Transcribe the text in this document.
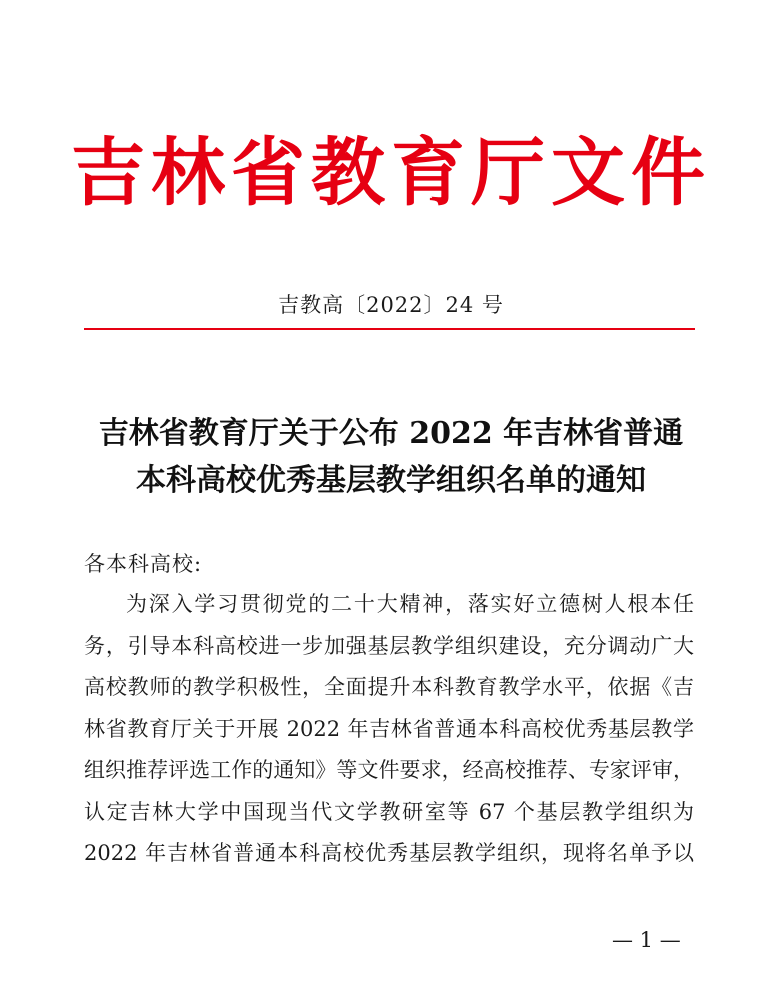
吉林省教育厅文件
吉教高〔2022〕24 号
吉林省教育厅关于公布 2022 年吉林省普通
本科高校优秀基层教学组织名单的通知
各本科高校:
为深入学习贯彻党的二十大精神，落实好立德树人根本任
务，引导本科高校进一步加强基层教学组织建设，充分调动广大
高校教师的教学积极性，全面提升本科教育教学水平，依据《吉
林省教育厅关于开展 2022 年吉林省普通本科高校优秀基层教学
组织推荐评选工作的通知》等文件要求，经高校推荐、专家评审，
认定吉林大学中国现当代文学教研室等 67 个基层教学组织为
2022 年吉林省普通本科高校优秀基层教学组织，现将名单予以
— 1 —
